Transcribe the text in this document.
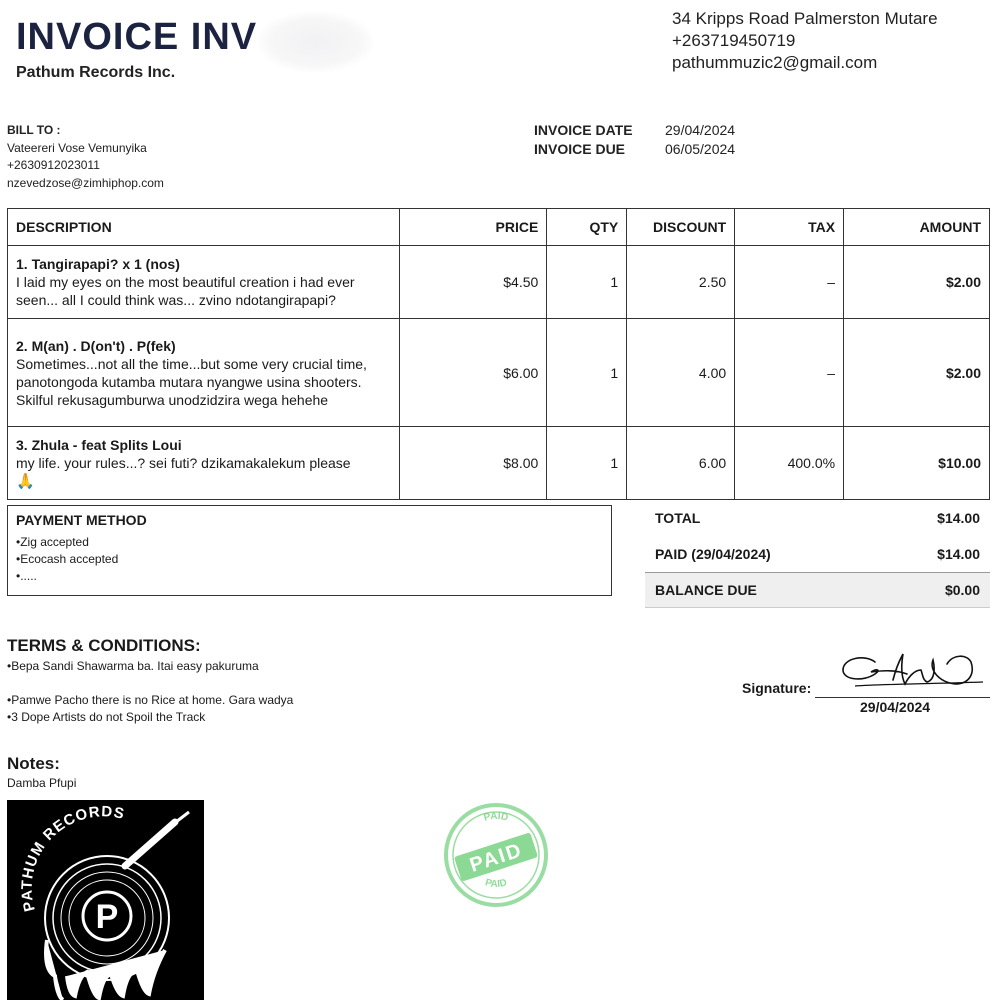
INVOICE INV
Pathum Records Inc.
34 Kripps Road Palmerston Mutare
+263719450719
pathummuzic2@gmail.com
BILL TO :
Vateereri Vose Vemunyika
+2630912023011
nzevedzose@zimhiphop.com
INVOICE DATE	29/04/2024
INVOICE DUE	06/05/2024
DESCRIPTION	PRICE	QTY	DISCOUNT	TAX	AMOUNT

1. Tangirapapi? x 1 (nos)
I laid my eyes on the most beautiful creation i had ever seen... all I could think was... zvino ndotangirapapi?	$4.50	1	2.50	–	$2.00

2. M(an) . D(on't) . P(fek)
Sometimes...not all the time...but some very crucial time, panotongoda kutamba mutara nyangwe usina shooters. Skilful rekusagumburwa unodzidzira wega hehehe	$6.00	1	4.00	–	$2.00

3. Zhula - feat Splits Loui
my life. your rules...? sei futi? dzikamakalekum please
🙏	$8.00	1	6.00	400.0%	$10.00
PAYMENT METHOD
•Zig accepted
•Ecocash accepted
•.....
TOTAL	$14.00
PAID (29/04/2024)	$14.00
BALANCE DUE	$0.00
TERMS & CONDITIONS:
•Bepa Sandi Shawarma ba. Itai easy pakuruma
•Pamwe Pacho there is no Rice at home. Gara wadya
•3 Dope Artists do not Spoil the Track
Signature:
29/04/2024
Notes:
Damba Pfupi
PATHUM RECORDS
P
PAID
PAID
PAID
